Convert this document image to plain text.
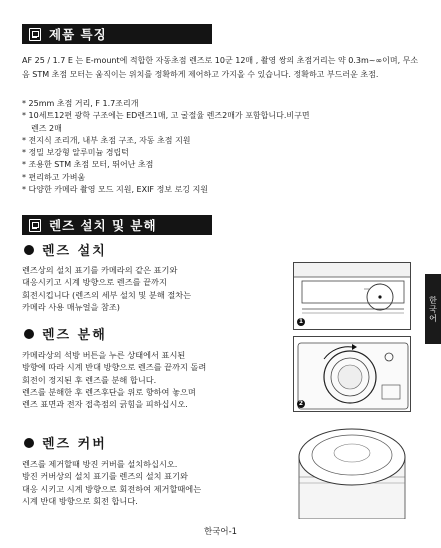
제품 특징

AF 25 / 1.7 E 는 E-mount에 적합한 자동초점 렌즈로 10군 12매 , 촬영 쌍의 초점거리는 약 0.3m~∞이며, 무소음 STM 초점 모터는 움직이는 위치를 정확하게 제어하고 가지올 수 있습니다. 정확하고 부드러운 초점.

* 25mm 초점 거리, F 1.7조리개
* 10세트12편 광학 구조에는 ED렌즈1매, 고 굴절율 렌즈2매가 포함합니다.비구면
렌즈 2매
* 전지식 조리개, 내부 초점 구조, 자동 초점 지원
* 정밀 보강형 알루미늄 경립턱
* 조용한 STM 초점 모터, 뛰어난 초점
* 편리하고 가벼움
* 다양한 카메라 촬영 모드 지원, EXIF 정보 로깅 지원
렌즈 설치 및 분해
렌즈 설치
렌즈상의 설치 표기를 카메라의 같은 표기와
대응시키고 시계 방향으로 렌즈를 끝까지
회전시킵니다 (렌즈의 세부 설치 및 분해 절차는
카메라 사용 매뉴얼을 참조)
1
렌즈 분해
카메라상의 석방 버튼을 누른 상태에서 표시된
방향에 따라 시계 반대 방향으로 렌즈를 끝까지 돌려
회전이 정지된 후 렌즈를 분해 합니다.
렌즈를 분해한 후 렌즈후단을 위로 향하여 놓으며
렌즈 표면과 전자 접촉점의 긁힘을 피하십시오.	2
렌즈 커버
렌즈를 제거할때 방진 커버를 설치하십시오.
방진 커버상의 설치 표기를 렌즈의 설치 표기와
대응 시키고 시계 방향으로 회전하여 제거할때에는
시계 반대 방향으로 회전 합니다.
한국어
한국어-1
